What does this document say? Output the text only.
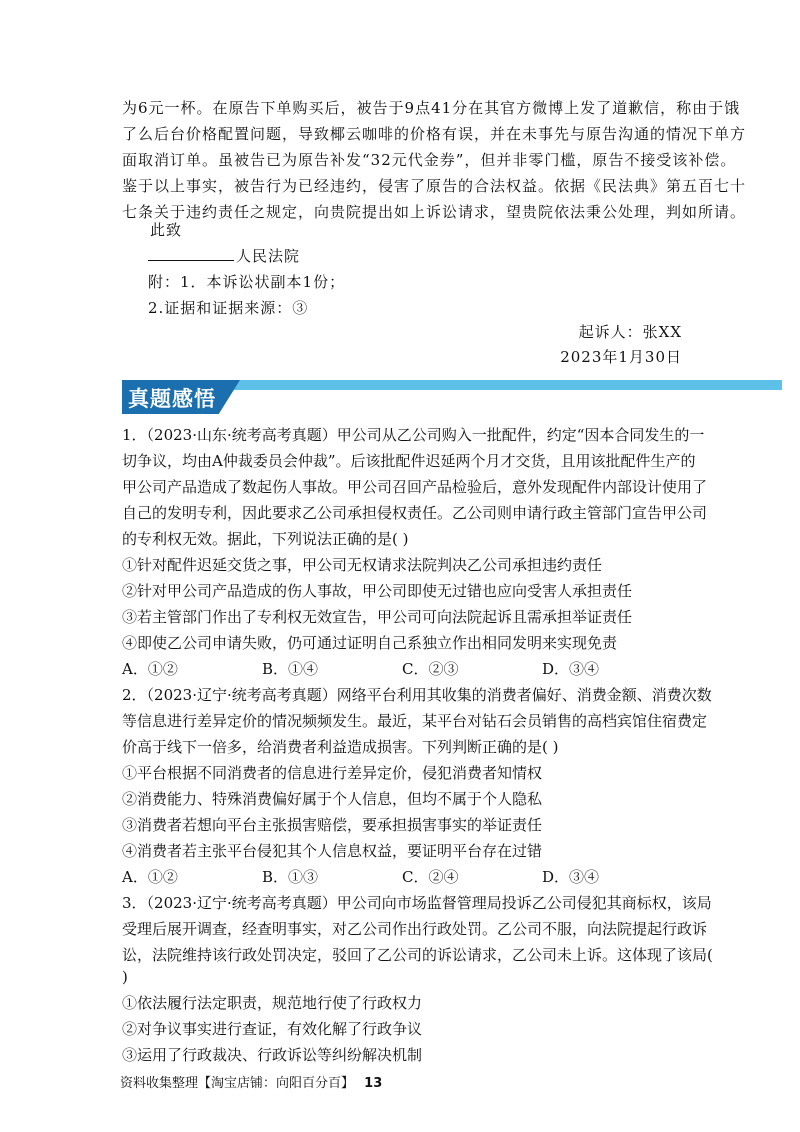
为6元一杯。在原告下单购买后，被告于9点41分在其官方微博上发了道歉信，称由于饿
了么后台价格配置问题，导致椰云咖啡的价格有误，并在未事先与原告沟通的情况下单方
面取消订单。虽被告已为原告补发“32元代金券”，但并非零门槛，原告不接受该补偿。
鉴于以上事实，被告行为已经违约，侵害了原告的合法权益。依据《民法典》第五百七十
七条关于违约责任之规定，向贵院提出如上诉讼请求，望贵院依法秉公处理，判如所请。
此致
人民法院
附：1．本诉讼状副本1份；
2.证据和证据来源：③
起诉人：张XX
2023年1月30日
真题感悟
1．（2023·山东·统考高考真题）甲公司从乙公司购入一批配件，约定“因本合同发生的一
切争议，均由A仲裁委员会仲裁”。后该批配件迟延两个月才交货，且用该批配件生产的
甲公司产品造成了数起伤人事故。甲公司召回产品检验后，意外发现配件内部设计使用了
自己的发明专利，因此要求乙公司承担侵权责任。乙公司则申请行政主管部门宣告甲公司
的专利权无效。据此，下列说法正确的是( )
①针对配件迟延交货之事，甲公司无权请求法院判决乙公司承担违约责任
②针对甲公司产品造成的伤人事故，甲公司即使无过错也应向受害人承担责任
③若主管部门作出了专利权无效宣告，甲公司可向法院起诉且需承担举证责任
④即使乙公司申请失败，仍可通过证明自己系独立作出相同发明来实现免责
A．①②	B．①④	C．②③	D．③④
2．（2023·辽宁·统考高考真题）网络平台利用其收集的消费者偏好、消费金额、消费次数
等信息进行差异定价的情况频频发生。最近，某平台对钻石会员销售的高档宾馆住宿费定
价高于线下一倍多，给消费者利益造成损害。下列判断正确的是( )
①平台根据不同消费者的信息进行差异定价，侵犯消费者知情权
②消费能力、特殊消费偏好属于个人信息，但均不属于个人隐私
③消费者若想向平台主张损害赔偿，要承担损害事实的举证责任
④消费者若主张平台侵犯其个人信息权益，要证明平台存在过错
A．①②	B．①③	C．②④	D．③④
3．（2023·辽宁·统考高考真题）甲公司向市场监督管理局投诉乙公司侵犯其商标权，该局
受理后展开调查，经查明事实，对乙公司作出行政处罚。乙公司不服，向法院提起行政诉
讼，法院维持该行政处罚决定，驳回了乙公司的诉讼请求，乙公司未上诉。这体现了该局(
)
①依法履行法定职责，规范地行使了行政权力
②对争议事实进行查证，有效化解了行政争议
③运用了行政裁决、行政诉讼等纠纷解决机制
资料收集整理【淘宝店铺：向阳百分百】 13
